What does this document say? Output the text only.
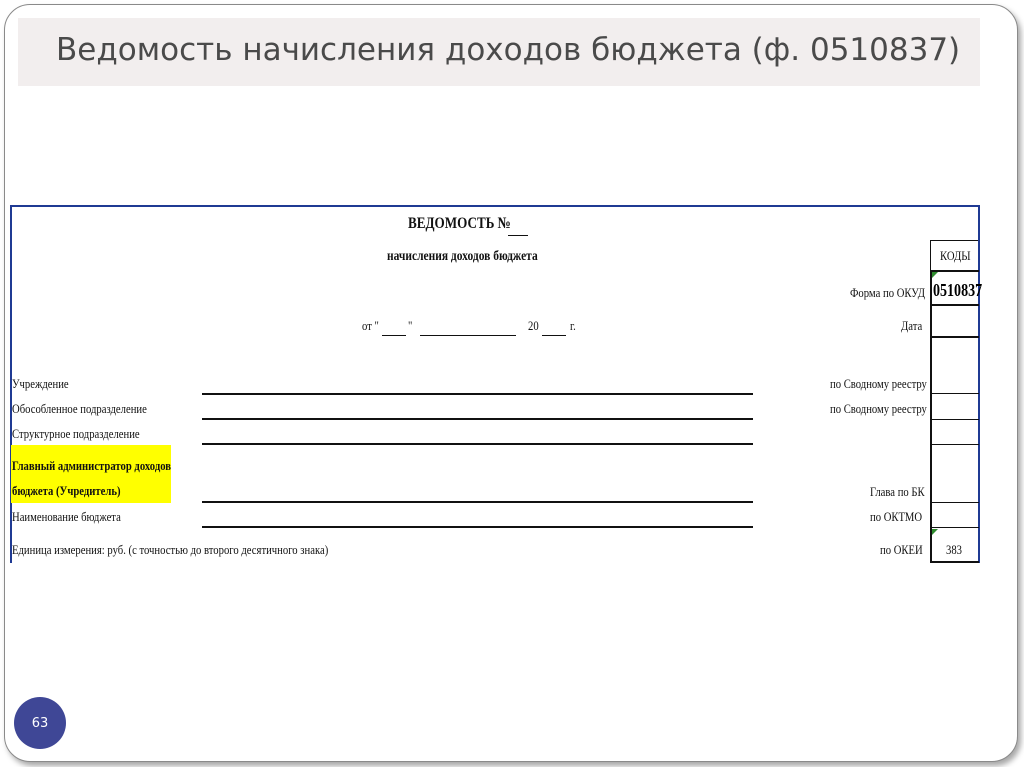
Ведомость начисления доходов бюджета (ф. 0510837)
ВЕДОМОСТЬ №
начисления доходов бюджета
от " "	20 г.
КОДЫ
0510837
383
Форма по ОКУД
Дата
по Сводному реестру
по Сводному реестру
Глава по БК
по ОКТМО
по ОКЕИ
Учреждение
Обособленное подразделение
Структурное подразделение
Главный администратор доходов
бюджета (Учредитель)
Наименование бюджета
Единица измерения: руб. (с точностью до второго десятичного знака)
63
